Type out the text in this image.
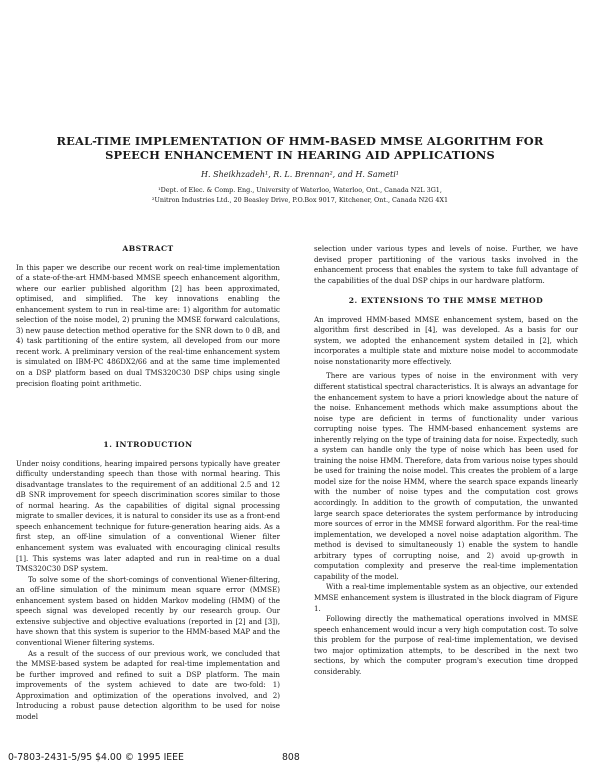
REAL-TIME IMPLEMENTATION OF HMM-BASED MMSE ALGORITHM FOR
SPEECH ENHANCEMENT IN HEARING AID APPLICATIONS
H. Sheikhzadeh¹, R. L. Brennan², and H. Sameti¹
¹Dept. of Elec. & Comp. Eng., University of Waterloo, Waterloo, Ont., Canada N2L 3G1,
²Unitron Industries Ltd., 20 Beasley Drive, P.O.Box 9017, Kitchener, Ont., Canada N2G 4X1

ABSTRACT

In this paper we describe our recent work on real-time implementation of a state-of-the-art HMM-based MMSE speech enhancement algorithm, where our earlier published algorithm [2] has been approximated, optimised, and simplified. The key innovations enabling the enhancement system to run in real-time are: 1) algorithm for automatic selection of the noise model, 2) pruning the MMSE forward calculations, 3) new pause detection method operative for the SNR down to 0 dB, and 4) task partitioning of the entire system, all developed from our more recent work. A preliminary version of the real-time enhancement system is simulated on IBM-PC 486DX2/66 and at the same time implemented on a DSP platform based on dual TMS320C30 DSP chips using single precision floating point arithmetic.

1. INTRODUCTION

Under noisy conditions, hearing impaired persons typically have greater difficulty understanding speech than those with normal hearing. This disadvantage translates to the requirement of an additional 2.5 and 12 dB SNR improvement for speech discrimination scores similar to those of normal hearing. As the capabilities of digital signal processing migrate to smaller devices, it is natural to consider its use as a front-end speech enhancement technique for future-generation hearing aids. As a first step, an off-line simulation of a conventional Wiener filter enhancement system was evaluated with encouraging clinical results [1]. This systems was later adapted and run in real-time on a dual TMS320C30 DSP system.

To solve some of the short-comings of conventional Wiener-filtering, an off-line simulation of the minimum mean square error (MMSE) enhancement system based on hidden Markov modeling (HMM) of the speech signal was developed recently by our research group. Our extensive subjective and objective evaluations (reported in [2] and [3]), have shown that this system is superior to the HMM-based MAP and the conventional Wiener filtering systems.

As a result of the success of our previous work, we concluded that the MMSE-based system be adapted for real-time implementation and be further improved and refined to suit a DSP platform. The main improvements of the system achieved to date are two-fold: 1) Approximation and optimization of the operations involved, and 2) Introducing a robust pause detection algorithm to be used for noise model

selection under various types and levels of noise. Further, we have devised proper partitioning of the various tasks involved in the enhancement process that enables the system to take full advantage of the capabilities of the dual DSP chips in our hardware platform.

2. EXTENSIONS TO THE MMSE METHOD

An improved HMM-based MMSE enhancement system, based on the algorithm first described in [4], was developed. As a basis for our system, we adopted the enhancement system detailed in [2], which incorporates a multiple state and mixture noise model to accommodate noise nonstationarity more effectively.

There are various types of noise in the environment with very different statistical spectral characteristics. It is always an advantage for the enhancement system to have a priori knowledge about the nature of the noise. Enhancement methods which make assumptions about the noise type are deficient in terms of functionality under various corrupting noise types. The HMM-based enhancement systems are inherently relying on the type of training data for noise. Expectedly, such a system can handle only the type of noise which has been used for training the noise HMM. Therefore, data from various noise types should be used for training the noise model. This creates the problem of a large model size for the noise HMM, where the search space expands linearly with the number of noise types and the computation cost grows accordingly. In addition to the growth of computation, the unwanted large search space deteriorates the system performance by introducing more sources of error in the MMSE forward algorithm. For the real-time implementation, we developed a novel noise adaptation algorithm. The method is devised to simultaneously 1) enable the system to handle arbitrary types of corrupting noise, and 2) avoid up-growth in computation complexity and preserve the real-time implementation capability of the model.

With a real-time implementable system as an objective, our extended MMSE enhancement system is illustrated in the block diagram of Figure 1.

Following directly the mathematical operations involved in MMSE speech enhancement would incur a very high computation cost. To solve this problem for the purpose of real-time implementation, we devised two major optimization attempts, to be described in the next two sections, by which the computer program's execution time dropped considerably.

0-7803-2431-5/95 $4.00 © 1995 IEEE	808
